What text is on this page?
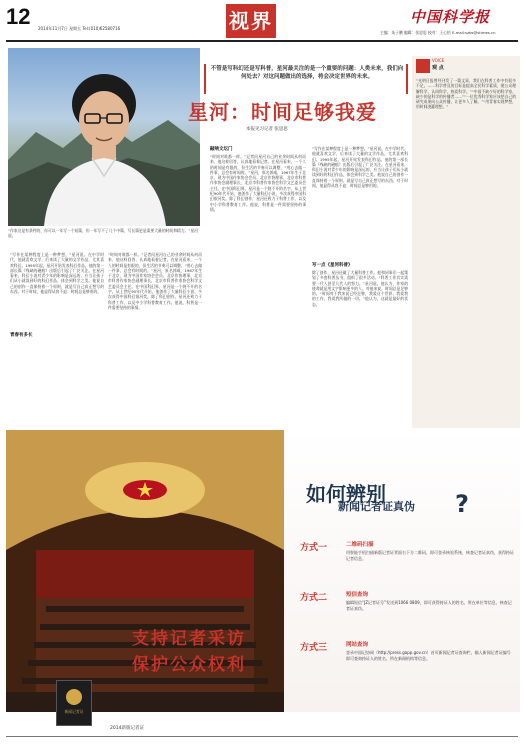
12 2014年11月7日 星期五 Tel:(010)62580716	视界	中国科学报
主编：朱子鹏 编辑：张思思 校对：王心怡 E-mail:szbs@stimes.cn
“作家这是有条件的，你可以一年写一个短篇，但一年写不了几个中篇，写长篇更是需要大量的时间和精力。”星河说。
不管是写科幻还是写科普，星河最关注的是一个重要的问题：人类未来，我们向何处去？对这问题做出的选择，将会决定世界的未来。
星河：时间足够我爱
本报见习记者 张思思
敲响文坛门
“时间对谁都一样。”记者问星河自己的业余时间从何而来，他这样回答，认真地看着记者。在星河看来，一个人的时间是有限的，但生活的节奏可以调整，“用心去做一件事，总会有时间的。”星河，原名郭威，1967年生于北京，现为中国作家协会会员、北京作协理事，北京市科普作家协会副理事长，北京市科普作家协会科学文艺委员会主任。在中国科幻界，星河是一个绕不开的名字。从上世纪90年代开始，他创作了大量科幻小说，多次获得中国科幻银河奖。除了科幻创作，星河还致力于科普工作，以及中小学科普教育工作。他说，科普是一件需要坚持的事情。
“写作在某种程度上是一种梦想。”星河说。在中学时代，他就喜欢文学，后来读了大量的文学作品，尤其喜欢科幻。1995年起，星河开始发表科幻作品。他的第一部长篇《残缺的磁痕》出版后引起了广泛关注。在星河看来，科幻小说对青少年的影响是深远的，应当让孩子们从小就读到好的科幻作品，体会到科学之美。他说自己的创作一直保持着一个原则，就是写自己真正想写的东西。对于时间，他显得从容不迫：时间总是够用的。
写一点《星河科普》
除了创作，星河还做了大量科普工作。他和同事们一起策划了多套科普丛书，组织了很多活动。“科普工作其实需要一代人甚至几代人的努力。”星河说。他认为，作家的使命就是用文字影响更多的人。对他来说，时间总是足够的。“时间对于我来说已经足够，我爱这个世界，我爱我的工作，我爱我所做的一切。”他认为，这就是最好的状态。
青春有多长
“写作在某种程度上是一种梦想。”星河说。在中学时代，他就喜欢文学，后来读了大量的文学作品，尤其喜欢科幻。1995年起，星河开始发表科幻作品。他的第一部长篇《残缺的磁痕》出版后引起了广泛关注。在星河看来，科幻小说对青少年的影响是深远的，应当让孩子们从小就读到好的科幻作品，体会到科学之美。他说自己的创作一直保持着一个原则，就是写自己真正想写的东西。对于时间，他显得从容不迫：时间总是够用的。
“时间对谁都一样。”记者问星河自己的业余时间从何而来，他这样回答，认真地看着记者。在星河看来，一个人的时间是有限的，但生活的节奏可以调整，“用心去做一件事，总会有时间的。”星河，原名郭威，1967年生于北京，现为中国作家协会会员、北京作协理事，北京市科普作家协会副理事长，北京市科普作家协会科学文艺委员会主任。在中国科幻界，星河是一个绕不开的名字。从上世纪90年代开始，他创作了大量科幻小说，多次获得中国科幻银河奖。除了科幻创作，星河还致力于科普工作，以及中小学科普教育工作。他说，科普是一件需要坚持的事情。
VOICE
观 点
“光明日报曾经刊发了一篇文章，我们在科普工作中有很多不足。……科学普及的目标是提高全民科学素质，使公众理解科学，认同科学，热爱科学。”“中国不缺少好的科学家，缺少的是科学的传播者……”“一位优秀科学家应该把自己的研究成果向公众传播，让更多人了解。”“用青春实现梦想，用时间浇灌理想。”
如何辨别
新闻记者证真伪 ?
方式一	二维码扫描
用智能手机扫描新版记者证背面右下方二维码，即可登录核验系统，核查记者证真伪，获得持证记者信息。
方式二	短信查询
编辑短信“JZ记者证号”发送到1066 0809，即可获得持证人的姓名、所在单位等信息，核查记者证真伪。
方式三	网站查询
登录中国记协网（http://press.gapp.gov.cn）首页新闻记者证查询栏，输入新闻记者证编号即可查询持证人的姓名、所在新闻机构等信息。
支持记者采访
保护公众权利
新闻记者证
2014新版记者证
